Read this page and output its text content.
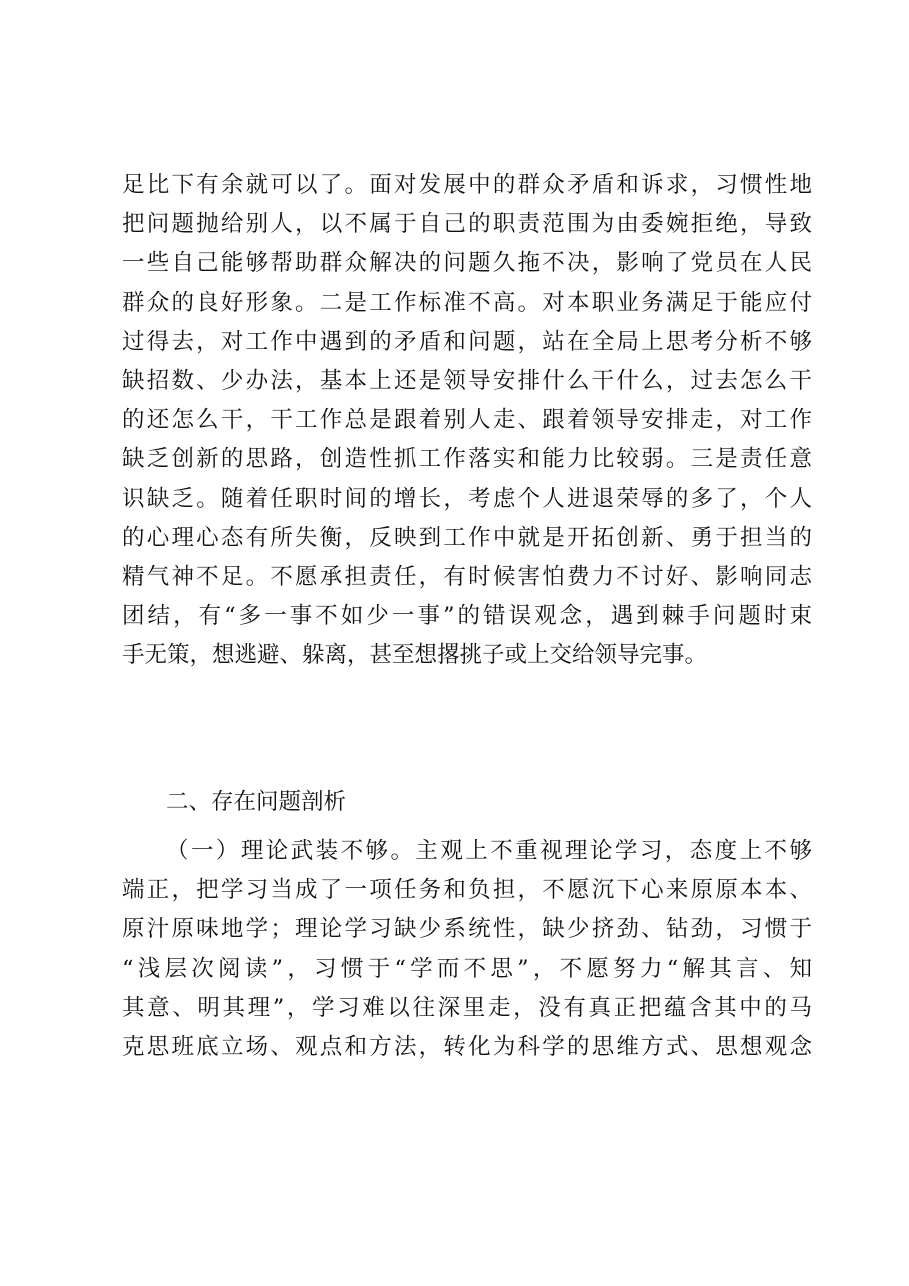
足比下有余就可以了。面对发展中的群众矛盾和诉求，习惯性地
把问题抛给别人，以不属于自己的职责范围为由委婉拒绝，导致
一些自己能够帮助群众解决的问题久拖不决，影响了党员在人民
群众的良好形象。二是工作标准不高。对本职业务满足于能应付
过得去，对工作中遇到的矛盾和问题，站在全局上思考分析不够
缺招数、少办法，基本上还是领导安排什么干什么，过去怎么干
的还怎么干，干工作总是跟着别人走、跟着领导安排走，对工作
缺乏创新的思路，创造性抓工作落实和能力比较弱。三是责任意
识缺乏。随着任职时间的增长，考虑个人进退荣辱的多了，个人
的心理心态有所失衡，反映到工作中就是开拓创新、勇于担当的
精气神不足。不愿承担责任，有时候害怕费力不讨好、影响同志
团结，有“多一事不如少一事”的错误观念，遇到棘手问题时束
手无策，想逃避、躲离，甚至想撂挑子或上交给领导完事。
二、存在问题剖析
（一）理论武装不够。主观上不重视理论学习，态度上不够
端正，把学习当成了一项任务和负担，不愿沉下心来原原本本、
原汁原味地学；理论学习缺少系统性，缺少挤劲、钻劲，习惯于
“浅层次阅读”，习惯于“学而不思”，不愿努力“解其言、知
其意、明其理”，学习难以往深里走，没有真正把蕴含其中的马
克思班底立场、观点和方法，转化为科学的思维方式、思想观念
